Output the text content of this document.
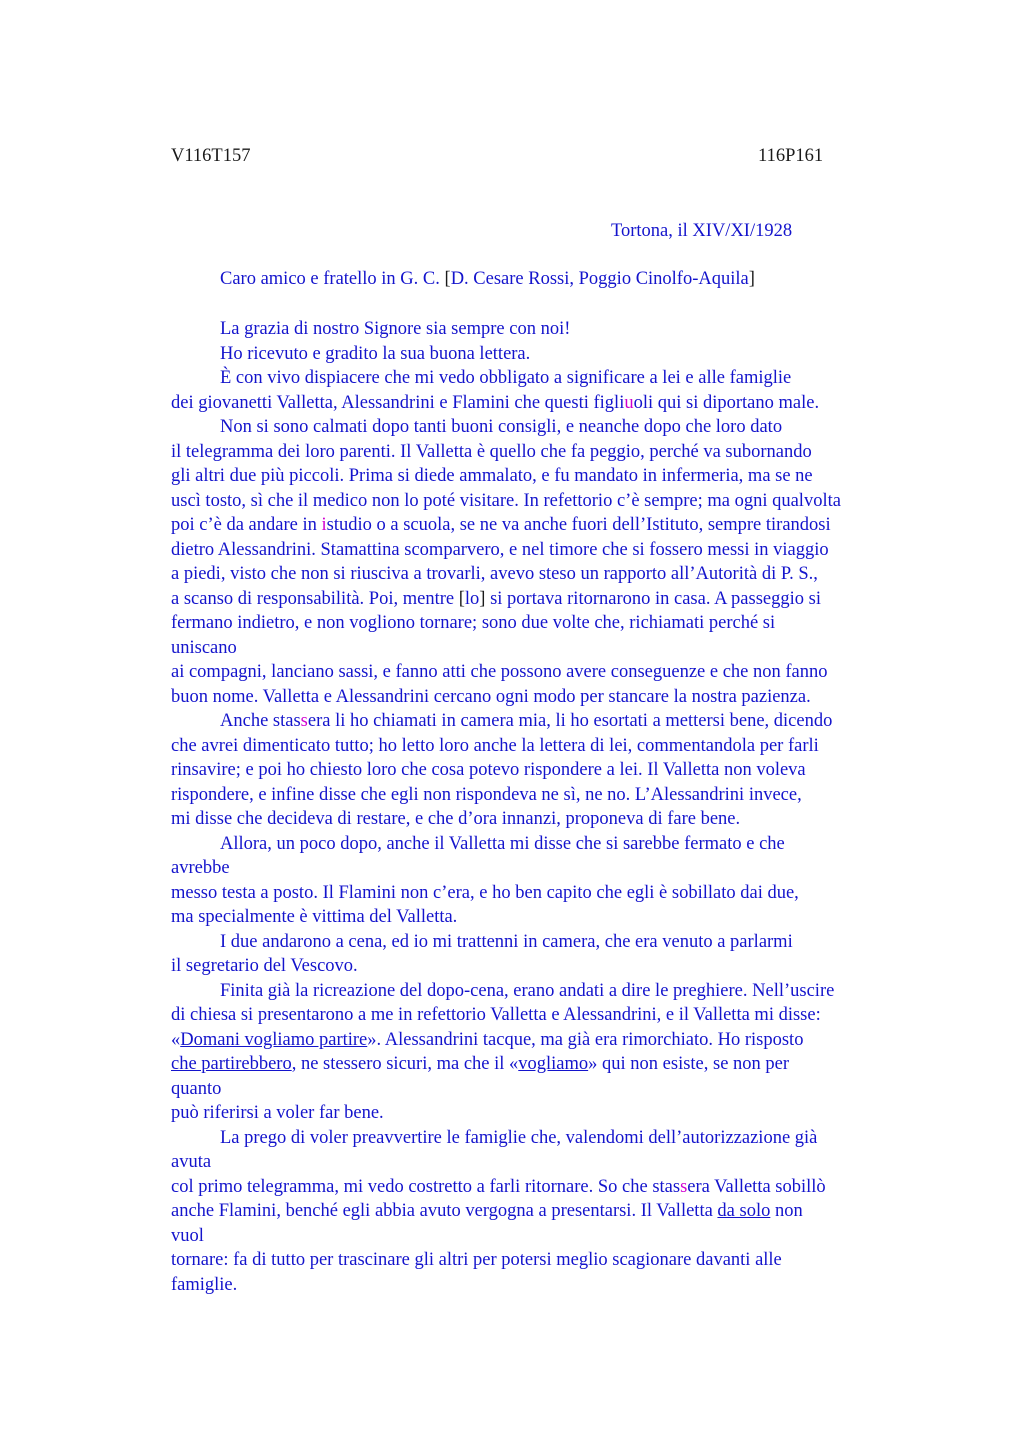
V116T157	116P161
Tortona, il XIV/XI/1928
Caro amico e fratello in G. C. [D. Cesare Rossi, Poggio Cinolfo-Aquila]
La grazia di nostro Signore sia sempre con noi!
Ho ricevuto e gradito la sua buona lettera.
È con vivo dispiacere che mi vedo obbligato a significare a lei e alle famiglie
dei giovanetti Valletta, Alessandrini e Flamini che questi figliuoli qui si diportano male.
Non si sono calmati dopo tanti buoni consigli, e neanche dopo che loro dato
il telegramma dei loro parenti. Il Valletta è quello che fa peggio, perché va subornando
gli altri due più piccoli. Prima si diede ammalato, e fu mandato in infermeria, ma se ne
uscì tosto, sì che il medico non lo poté visitare. In refettorio c’è sempre; ma ogni qualvolta
poi c’è da andare in istudio o a scuola, se ne va anche fuori dell’Istituto, sempre tirandosi
dietro Alessandrini. Stamattina scomparvero, e nel timore che si fossero messi in viaggio
a piedi, visto che non si riusciva a trovarli, avevo steso un rapporto all’Autorità di P. S.,
a scanso di responsabilità. Poi, mentre [lo] si portava ritornarono in casa. A passeggio si
fermano indietro, e non vogliono tornare; sono due volte che, richiamati perché si
uniscano
ai compagni, lanciano sassi, e fanno atti che possono avere conseguenze e che non fanno
buon nome. Valletta e Alessandrini cercano ogni modo per stancare la nostra pazienza.
Anche stassera li ho chiamati in camera mia, li ho esortati a mettersi bene, dicendo
che avrei dimenticato tutto; ho letto loro anche la lettera di lei, commentandola per farli
rinsavire; e poi ho chiesto loro che cosa potevo rispondere a lei. Il Valletta non voleva
rispondere, e infine disse che egli non rispondeva ne sì, ne no. L’Alessandrini invece,
mi disse che decideva di restare, e che d’ora innanzi, proponeva di fare bene.
Allora, un poco dopo, anche il Valletta mi disse che si sarebbe fermato e che
avrebbe
messo testa a posto. Il Flamini non c’era, e ho ben capito che egli è sobillato dai due,
ma specialmente è vittima del Valletta.
I due andarono a cena, ed io mi trattenni in camera, che era venuto a parlarmi
il segretario del Vescovo.
Finita già la ricreazione del dopo-cena, erano andati a dire le preghiere. Nell’uscire
di chiesa si presentarono a me in refettorio Valletta e Alessandrini, e il Valletta mi disse:
«Domani vogliamo partire». Alessandrini tacque, ma già era rimorchiato. Ho risposto
che partirebbero, ne stessero sicuri, ma che il «vogliamo» qui non esiste, se non per
quanto
può riferirsi a voler far bene.
La prego di voler preavvertire le famiglie che, valendomi dell’autorizzazione già
avuta
col primo telegramma, mi vedo costretto a farli ritornare. So che stassera Valletta sobillò
anche Flamini, benché egli abbia avuto vergogna a presentarsi. Il Valletta da solo non
vuol
tornare: fa di tutto per trascinare gli altri per potersi meglio scagionare davanti alle
famiglie.
